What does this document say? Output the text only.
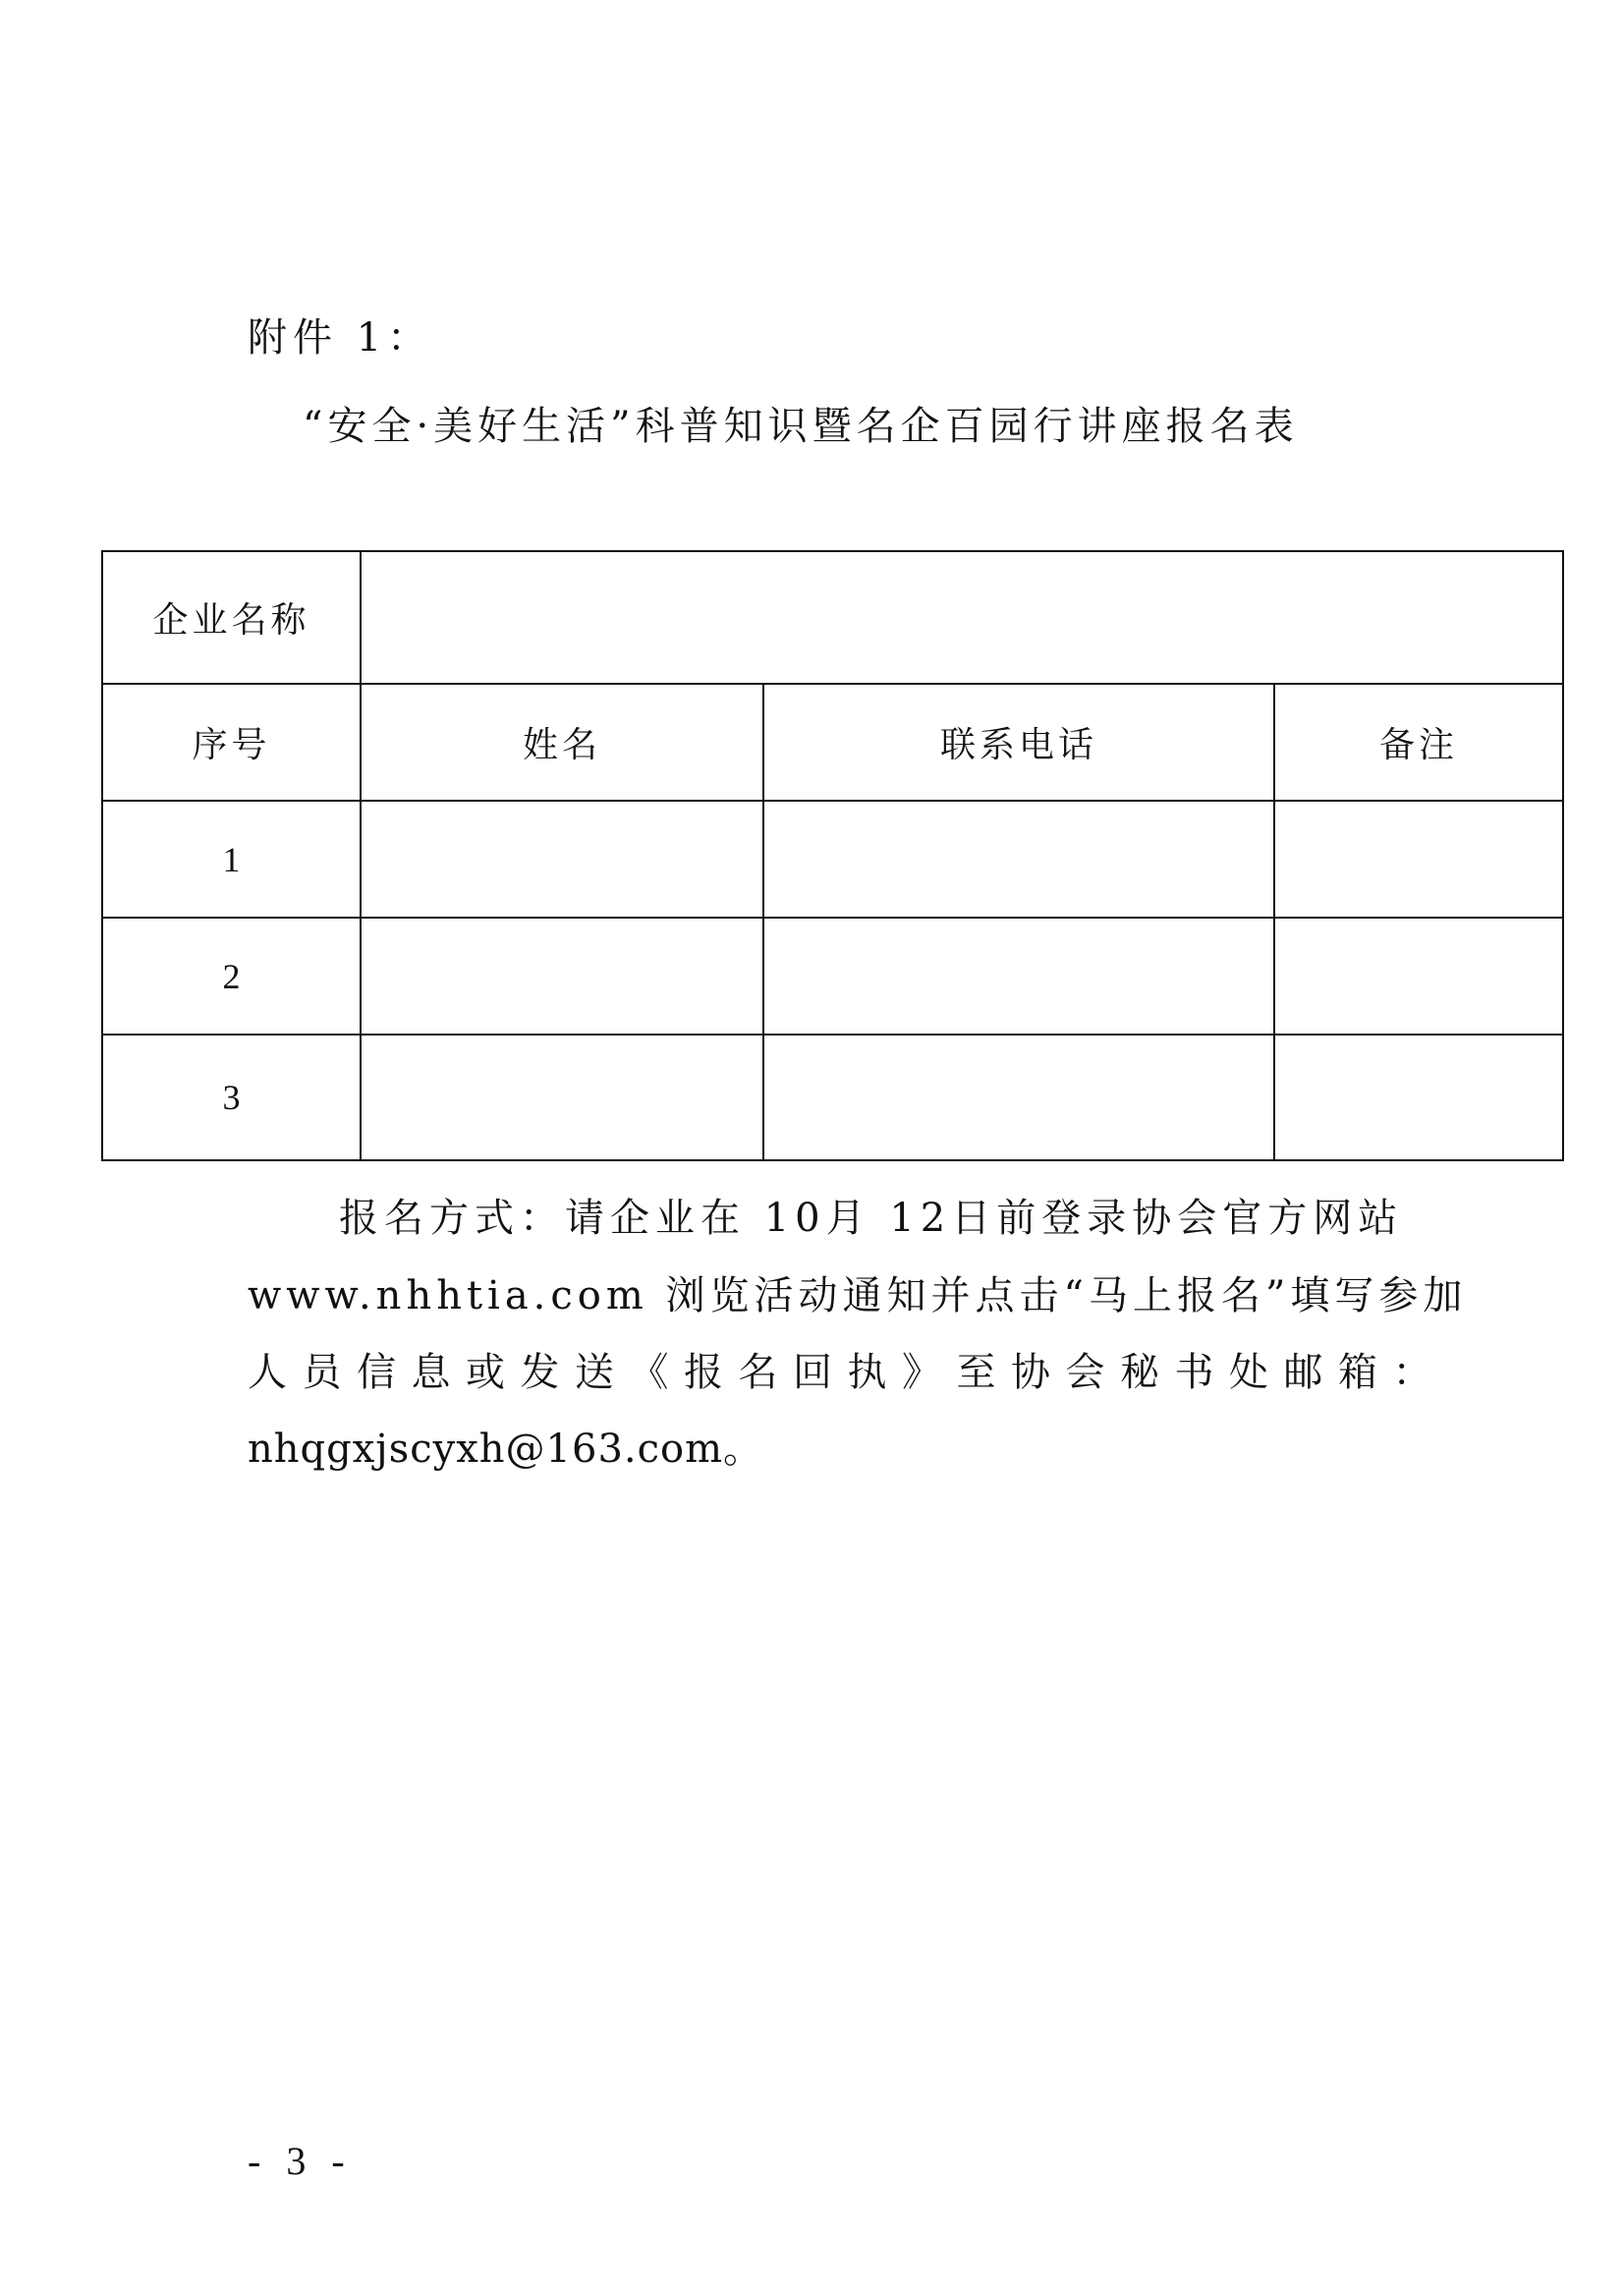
附件 1：
“安全·美好生活”科普知识暨名企百园行讲座报名表
企业名称			
序号	姓名	联系电话	备注
1			
2			
3			
报名方式：请企业在 10月 12日前登录协会官方网站
www.nhhtia.com 浏览活动通知并点击“马上报名”填写参加
人员信息或发送《报名回执》至协会秘书处邮箱：
nhqgxjscyxh@163.com。
- 3 -
